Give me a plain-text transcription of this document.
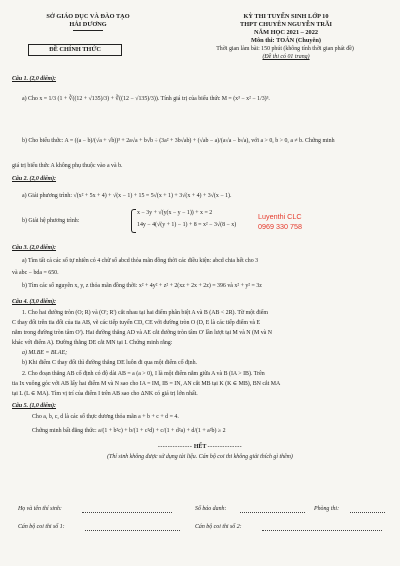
SỞ GIÁO DỤC VÀ ĐÀO TẠO
HẢI DƯƠNG
ĐỀ CHÍNH THỨC
KỲ THI TUYỂN SINH LỚP 10
THPT CHUYÊN NGUYỄN TRÃI
NĂM HỌC 2021 – 2022
Môn thi: TOÁN (Chuyên)
Thời gian làm bài: 150 phút (không tính thời gian phát đề)
(Đề thi có 01 trang)
Câu 1. (2,0 điểm):
a) Cho x = 1/3 (1 + ∛((12 + √135)/3) + ∛((12 − √135)/3)). Tính giá trị của biểu thức M = (x³ − x² − 1/3)³.
b) Cho biểu thức: A = ((a − b)/(√a + √b))³ + 2a√a + b√b ÷ (3a² + 3b√ab) + (√ab − a)/(a√a − b√a), với a > 0, b > 0, a ≠ b. Chứng minh
giá trị biểu thức A không phụ thuộc vào a và b.
Câu 2. (2,0 điểm):
a) Giải phương trình: √(x² + 5x + 4) + √(x − 1) + 15 = 5√(x + 1) + 3√(x + 4) + 3√(x − 1).
b) Giải hệ phương trình:
x − 3y + √(y(x − y − 1)) + x = 2
14y − 4(√(y + 1) − 1) + 8 = x² − 3√(8 − x)
Luyenthi CLC
0969 330 758
Câu 3. (2,0 điểm):
a) Tìm tất cả các số tự nhiên có 4 chữ số abcd thỏa mãn đồng thời các điều kiện: abcd chia hết cho 3
và abc − bda = 650.
b) Tìm các số nguyên x, y, z thỏa mãn đồng thời: x² + 4y² + z² + 2(xz + 2x + 2z) = 396 và x² + y² = 3z
Câu 4. (3,0 điểm):
1. Cho hai đường tròn (O; R) và (O'; R') cắt nhau tại hai điểm phân biệt A và B (AB < 2R). Từ một điểm
C thay đổi trên tia đối của tia AB, vẽ các tiếp tuyến CD, CE với đường tròn O (D, E là các tiếp điểm và E
nằm trong đường tròn tâm O'). Hai đường thẳng AD và AE cắt đường tròn tâm O' lần lượt tại M và N (M và N
khác với điểm A). Đường thẳng DE cắt MN tại I. Chứng minh rằng:
a) MI.BE = BI.AE;
b) Khi điểm C thay đổi thì đường thẳng DE luôn đi qua một điểm cố định.
2. Cho đoạn thẳng AB cố định có độ dài AB = a (a > 0), I là một điểm nằm giữa A và B (IA > IB). Trên
tia Ix vuông góc với AB lấy hai điểm M và N sao cho IA = IM, IB = IN, AN cắt MB tại K (K ∈ MB), BN cắt MA
tại L (L ∈ MA). Tìm vị trí của điểm I trên AB sao cho ΔNK có giá trị lớn nhất.
Câu 5. (1,0 điểm):
Cho a, b, c, d là các số thực dương thỏa mãn a + b + c + d = 4.
Chứng minh bất đẳng thức: a/(1 + b²c) + b/(1 + c²d) + c/(1 + d²a) + d/(1 + a²b) ≥ 2
-------------- HẾT --------------
(Thí sinh không được sử dụng tài liệu. Cán bộ coi thi không giải thích gì thêm)
Họ và tên thí sinh:	Số báo danh:	Phòng thi:
Cán bộ coi thi số 1:	Cán bộ coi thi số 2:
